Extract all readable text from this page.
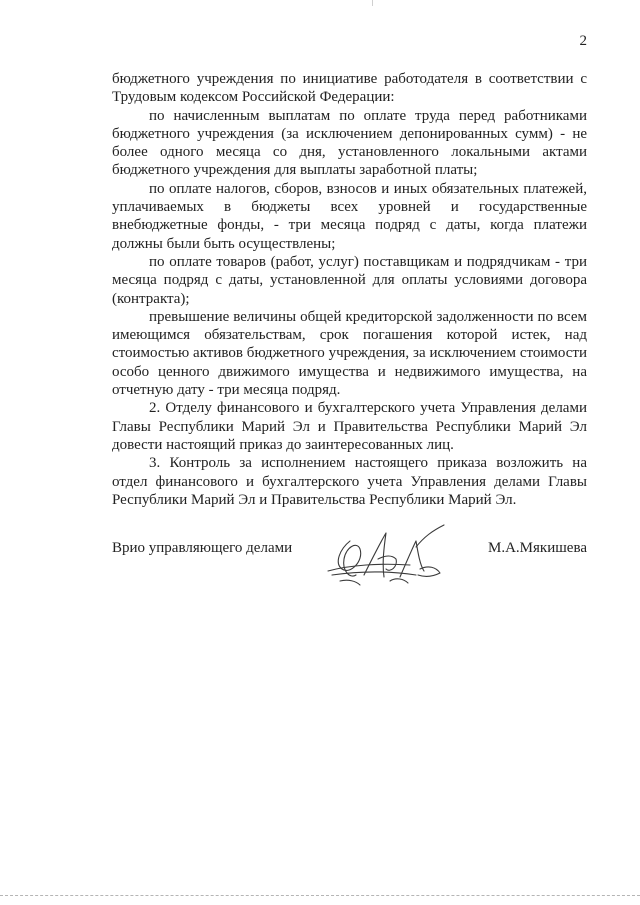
2

бюджетного учреждения по инициативе работодателя в соответствии с Трудовым кодексом Российской Федерации:

по начисленным выплатам по оплате труда перед работниками бюджетного учреждения (за исключением депонированных сумм) - не более одного месяца со дня, установленного локальными актами бюджетного учреждения для выплаты заработной платы;

по оплате налогов, сборов, взносов и иных обязательных платежей, уплачиваемых в бюджеты всех уровней и государственные внебюджетные фонды, - три месяца подряд с даты, когда платежи должны были быть осуществлены;

по оплате товаров (работ, услуг) поставщикам и подрядчикам - три месяца подряд с даты, установленной для оплаты условиями договора (контракта);

превышение величины общей кредиторской задолженности по всем имеющимся обязательствам, срок погашения которой истек, над стоимостью активов бюджетного учреждения, за исключением стоимости особо ценного движимого имущества и недвижимого имущества, на отчетную дату - три месяца подряд.

2. Отделу финансового и бухгалтерского учета Управления делами Главы Республики Марий Эл и Правительства Республики Марий Эл довести настоящий приказ до заинтересованных лиц.

3. Контроль за исполнением настоящего приказа возложить на отдел финансового и бухгалтерского учета Управления делами Главы Республики Марий Эл и Правительства Республики Марий Эл.

Врио управляющего делами	М.А.Мякишева
